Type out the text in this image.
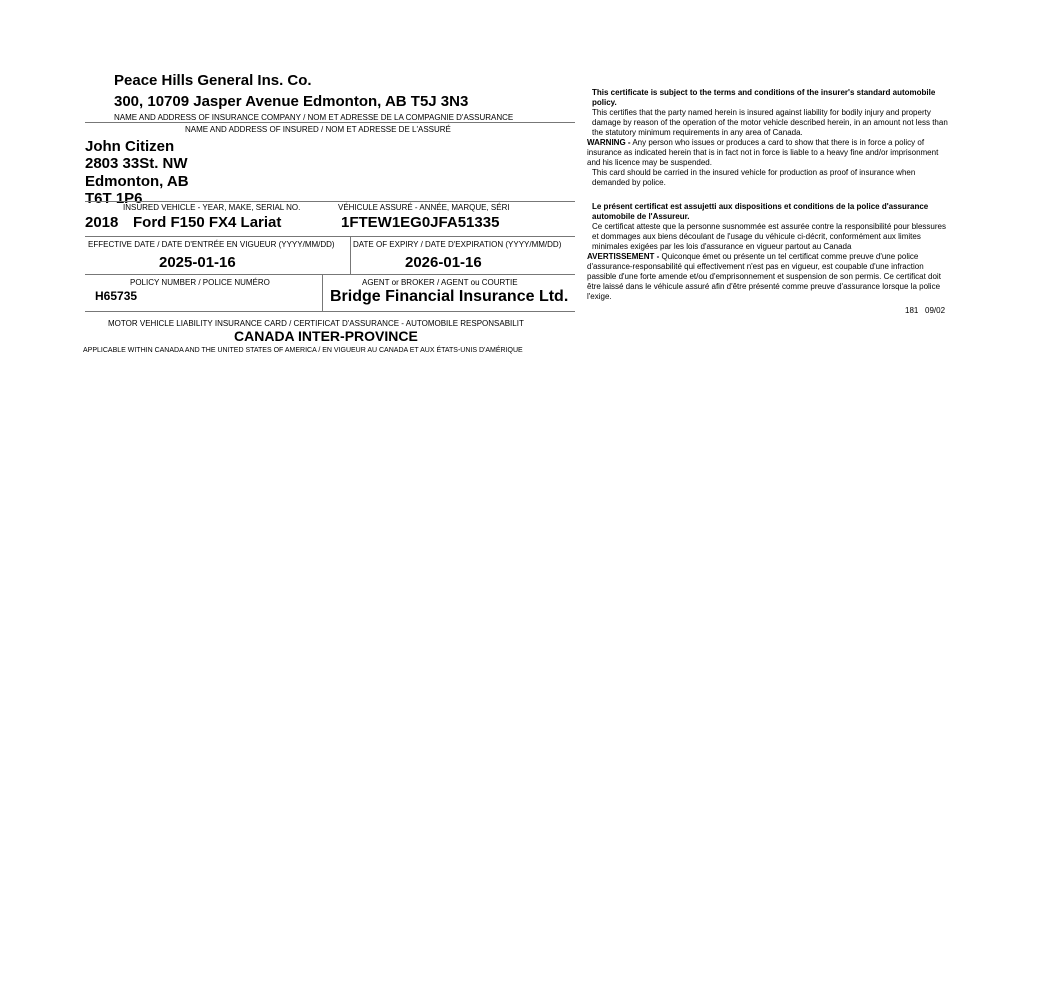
Peace Hills General Ins. Co.
300, 10709 Jasper Avenue Edmonton, AB T5J 3N3
NAME AND ADDRESS OF INSURANCE COMPANY / NOM ET ADRESSE DE LA COMPAGNIE D'ASSURANCE
NAME AND ADDRESS OF INSURED / NOM ET ADRESSE DE L'ASSURÉ
John Citizen
2803 33St. NW
Edmonton, AB
T6T 1P6
INSURED VEHICLE - YEAR, MAKE, SERIAL NO.	VÉHICULE ASSURÉ - ANNÉE, MARQUE, SÉRI
2018 Ford F150 FX4 Lariat	1FTEW1EG0JFA51335
EFFECTIVE DATE / DATE D'ENTRÉE EN VIGUEUR (YYYY/MM/DD) DATE OF EXPIRY / DATE D'EXPIRATION (YYYY/MM/DD)
2025-01-16	2026-01-16
POLICY NUMBER / POLICE NUMÉRO
H65735
AGENT or BROKER / AGENT ou COURTIE
Bridge Financial Insurance Ltd.
MOTOR VEHICLE LIABILITY INSURANCE CARD / CERTIFICAT D'ASSURANCE - AUTOMOBILE RESPONSABILIT
CANADA INTER-PROVINCE
APPLICABLE WITHIN CANADA AND THE UNITED STATES OF AMERICA / EN VIGUEUR AU CANADA ET AUX ÉTATS-UNIS D'AMÉRIQUE

This certificate is subject to the terms and conditions of the insurer's standard automobile policy.

This certifies that the party named herein is insured against liability for bodily injury and property damage by reason of the operation of the motor vehicle described herein, in an amount not less than the statutory minimum requirements in any area of Canada.

WARNING - Any person who issues or produces a card to show that there is in force a policy of insurance as indicated herein that is in fact not in force is liable to a heavy fine and/or imprisonment and his licence may be suspended.

This card should be carried in the insured vehicle for production as proof of insurance when demanded by police.

Le présent certificat est assujetti aux dispositions et conditions de la police d'assurance automobile de l'Assureur.

Ce certificat atteste que la personne susnommée est assurée contre la responsibilité pour blessures et dommages aux biens découlant de l'usage du véhicule ci-décrit, conformément aux limites minimales exigées par les lois d'assurance en vigueur partout au Canada

AVERTISSEMENT - Quiconque émet ou présente un tel certificat comme preuve d'une police d'assurance-responsabilité qui effectivement n'est pas en vigueur, est coupable d'une infraction passible d'une forte amende et/ou d'emprisonnement et suspension de son permis. Ce certificat doit être laissé dans le véhicule assuré afin d'être présenté comme preuve d'assurance lorsque la police l'exige.

181   09/02
